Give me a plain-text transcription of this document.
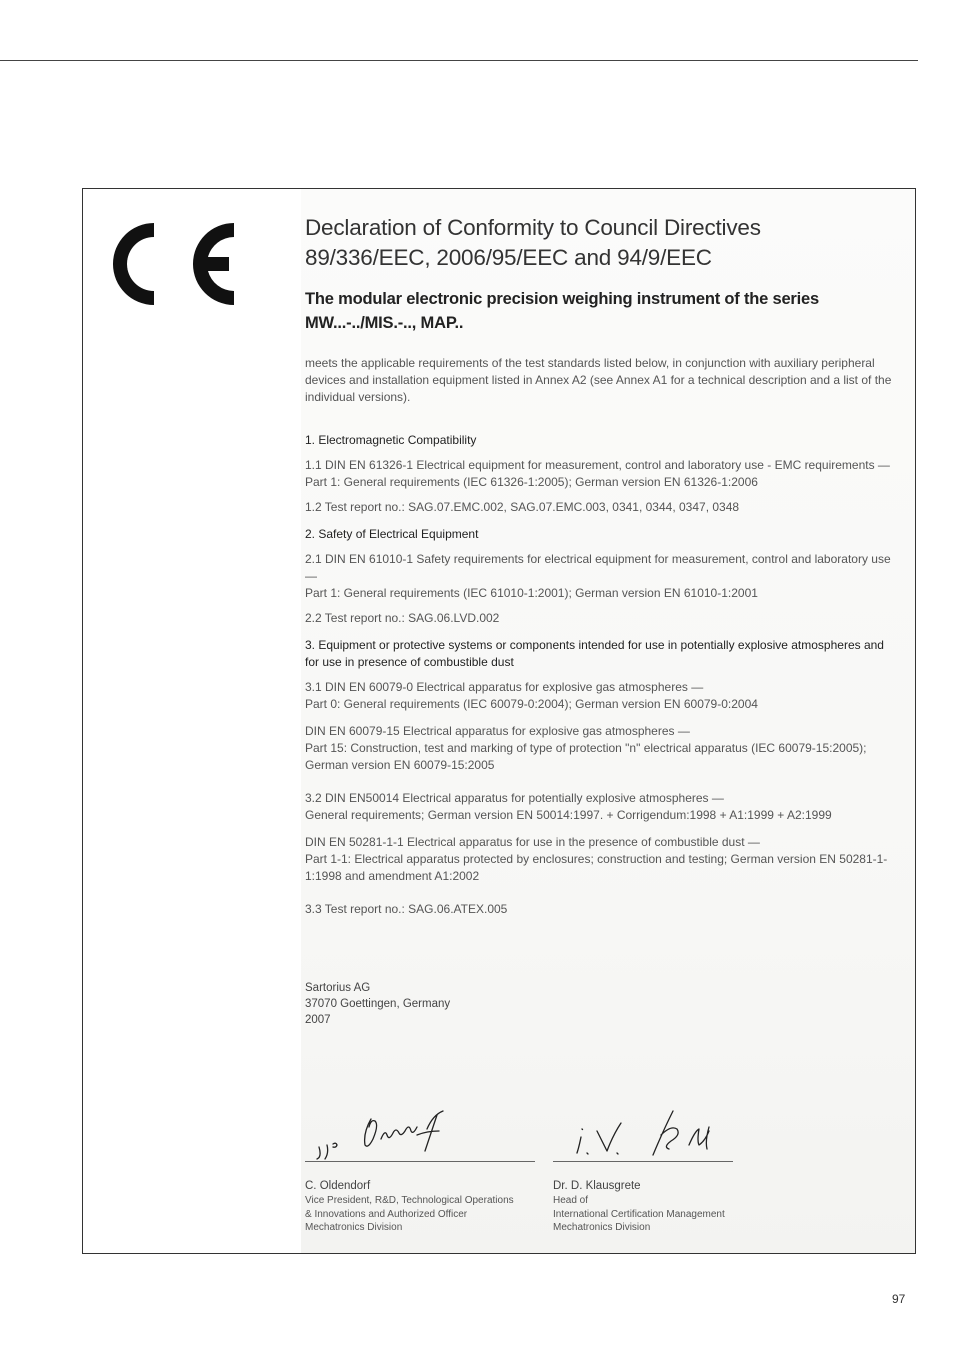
Declaration of Conformity to Council Directives
89/336/EEC, 2006/95/EEC and 94/9/EEC
The modular electronic precision weighing instrument of the series
MW...-../MIS.-.., MAP..

meets the applicable requirements of the test standards listed below, in conjunction with auxiliary peripheral devices and installation equipment listed in Annex A2 (see Annex A1 for a technical description and a list of the individual versions).

1. Electromagnetic Compatibility

1.1 DIN EN 61326-1 Electrical equipment for measurement, control and laboratory use - EMC requirements —

Part 1: General requirements (IEC 61326-1:2005); German version EN 61326-1:2006

1.2 Test report no.: SAG.07.EMC.002, SAG.07.EMC.003, 0341, 0344, 0347, 0348

2. Safety of Electrical Equipment

2.1 DIN EN 61010-1 Safety requirements for electrical equipment for measurement, control and laboratory use —

Part 1: General requirements (IEC 61010-1:2001); German version EN 61010-1:2001

2.2 Test report no.: SAG.06.LVD.002

3. Equipment or protective systems or components intended for use in potentially explosive atmospheres and for use in presence of combustible dust

3.1 DIN EN 60079-0 Electrical apparatus for explosive gas atmospheres —

Part 0: General requirements (IEC 60079-0:2004); German version EN 60079-0:2004

DIN EN 60079-15 Electrical apparatus for explosive gas atmospheres —

Part 15: Construction, test and marking of type of protection "n" electrical apparatus (IEC 60079-15:2005); German version EN 60079-15:2005

3.2 DIN EN50014 Electrical apparatus for potentially explosive atmospheres —

General requirements; German version EN 50014:1997. + Corrigendum:1998 + A1:1999 + A2:1999

DIN EN 50281-1-1 Electrical apparatus for use in the presence of combustible dust —

Part 1-1: Electrical apparatus protected by enclosures; construction and testing; German version EN 50281-1-1:1998 and amendment A1:2002

3.3 Test report no.: SAG.06.ATEX.005

Sartorius AG
37070 Goettingen, Germany
2007
C. Oldendorf
Vice President, R&D, Technological Operations
& Innovations and Authorized Officer
Mechatronics Division
Dr. D. Klausgrete
Head of
International Certification Management
Mechatronics Division
97
